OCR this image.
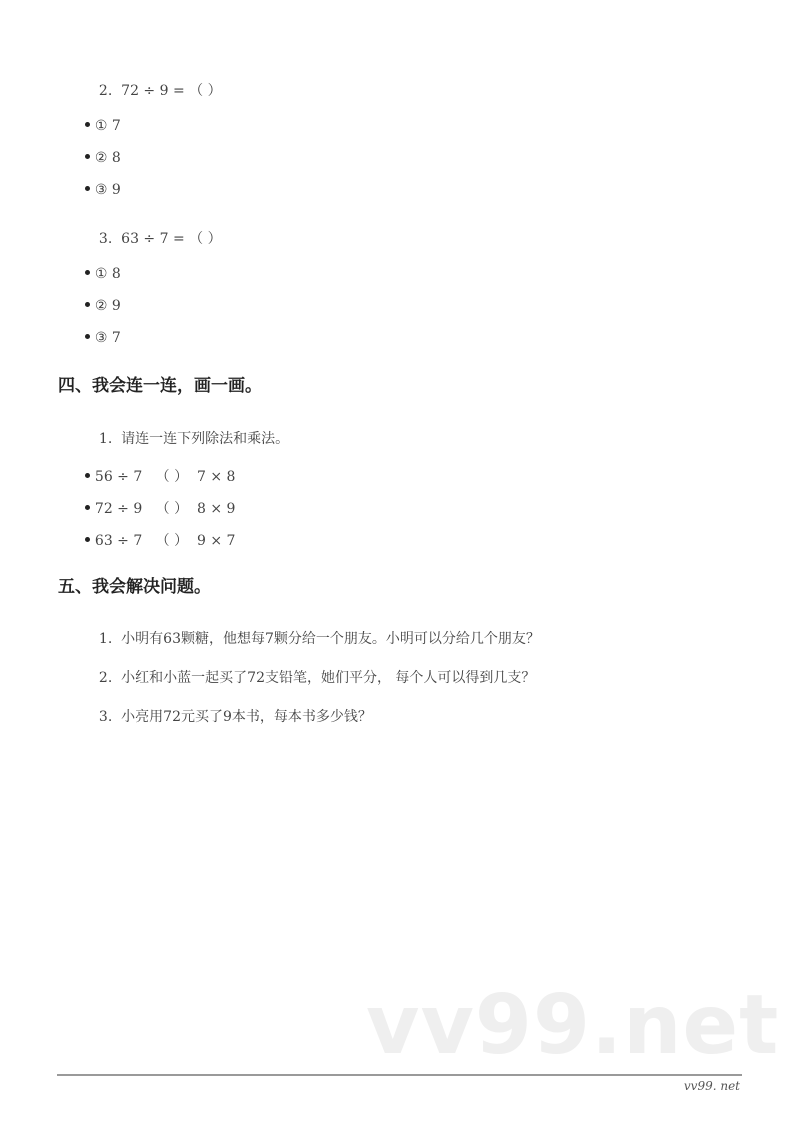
2. 72 ÷ 9 = （ ）

① 7

② 8

③ 9

3. 63 ÷ 7 = （ ）

① 8

② 9

③ 7

四、我会连一连，画一画。

1. 请连一连下列除法和乘法。

56 ÷ 7 （ ） 7 × 8

72 ÷ 9 （ ） 8 × 9

63 ÷ 7 （ ） 9 × 7

五、我会解决问题。

1. 小明有63颗糖，他想每7颗分给一个朋友。小明可以分给几个朋友？

2. 小红和小蓝一起买了72支铅笔，她们平分， 每个人可以得到几支？

3. 小亮用72元买了9本书，每本书多少钱？

vv99.net
vv99. net
